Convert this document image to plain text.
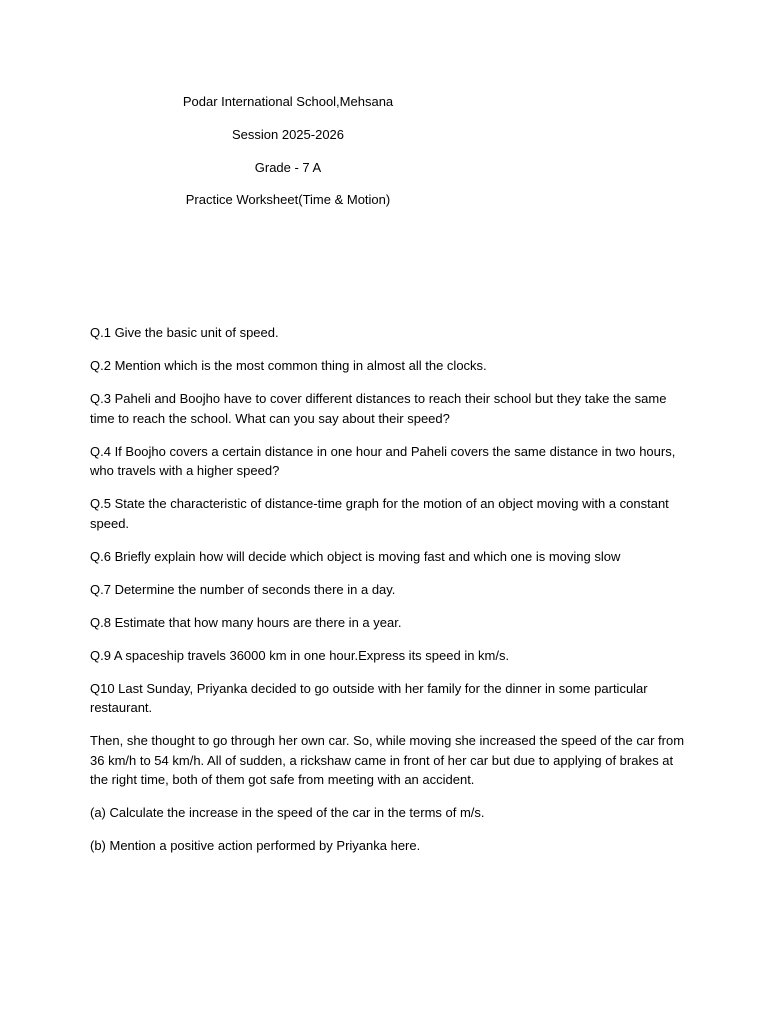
Podar International School,Mehsana
Session 2025-2026
Grade - 7 A
Practice Worksheet(Time & Motion)

Q.1 Give the basic unit of speed.

Q.2 Mention which is the most common thing in almost all the clocks.

Q.3 Paheli and Boojho have to cover different distances to reach their school but they take the same time to reach the school. What can you say about their speed?

Q.4 If Boojho covers a certain distance in one hour and Paheli covers the same distance in two hours, who travels with a higher speed?

Q.5 State the characteristic of distance-time graph for the motion of an object moving with a constant speed.

Q.6 Briefly explain how will decide which object is moving fast and which one is moving slow

Q.7 Determine the number of seconds there in a day.

Q.8 Estimate that how many hours are there in a year.

Q.9 A spaceship travels 36000 km in one hour.Express its speed in km/s.

Q10 Last Sunday, Priyanka decided to go outside with her family for the dinner in some particular restaurant.

Then, she thought to go through her own car. So, while moving she increased the speed of the car from 36 km/h to 54 km/h. All of sudden, a rickshaw came in front of her car but due to applying of brakes at the right time, both of them got safe from meeting with an accident.

(a) Calculate the increase in the speed of the car in the terms of m/s.

(b) Mention a positive action performed by Priyanka here.
